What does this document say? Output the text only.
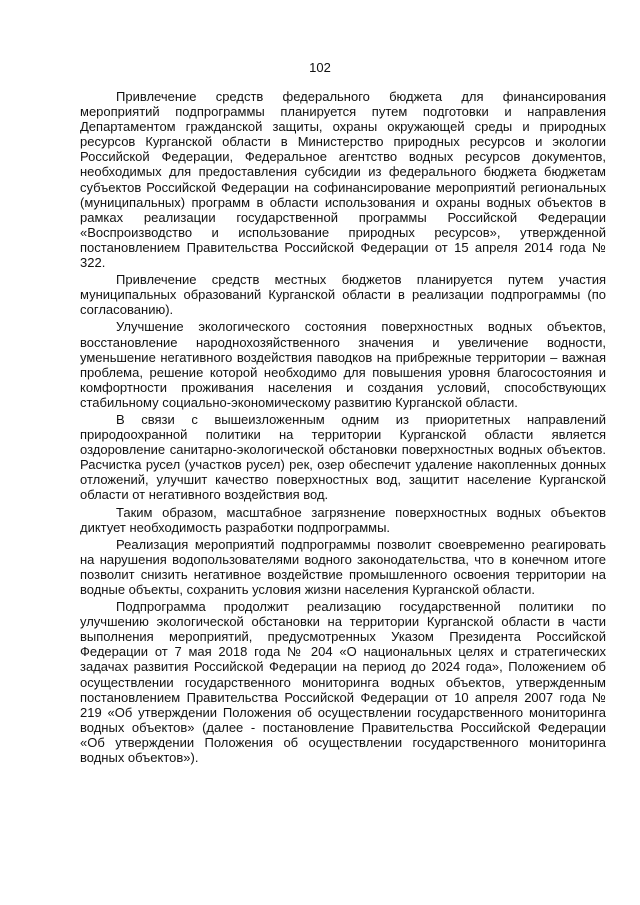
102

Привлечение средств федерального бюджета для финансирования мероприятий подпрограммы планируется путем подготовки и направления Департаментом гражданской защиты, охраны окружающей среды и природных ресурсов Курганской области в Министерство природных ресурсов и экологии Российской Федерации, Федеральное агентство водных ресурсов документов, необходимых для предоставления субсидии из федерального бюджета бюджетам субъектов Российской Федерации на софинансирование мероприятий региональных (муниципальных) программ в области использования и охраны водных объектов в рамках реализации государственной программы Российской Федерации «Воспроизводство и использование природных ресурсов», утвержденной постановлением Правительства Российской Федерации от 15 апреля 2014 года № 322.

Привлечение средств местных бюджетов планируется путем участия муниципальных образований Курганской области в реализации подпрограммы (по согласованию).

Улучшение экологического состояния поверхностных водных объектов, восстановление народнохозяйственного значения и увеличение водности, уменьшение негативного воздействия паводков на прибрежные территории – важная проблема, решение которой необходимо для повышения уровня благосостояния и комфортности проживания населения и создания условий, способствующих стабильному социально-экономическому развитию Курганской области.

В связи с вышеизложенным одним из приоритетных направлений природоохранной политики на территории Курганской области является оздоровление санитарно-экологической обстановки поверхностных водных объектов. Расчистка русел (участков русел) рек, озер обеспечит удаление накопленных донных отложений, улучшит качество поверхностных вод, защитит население Курганской области от негативного воздействия вод.

Таким образом, масштабное загрязнение поверхностных водных объектов диктует необходимость разработки подпрограммы.

Реализация мероприятий подпрограммы позволит своевременно реагировать на нарушения водопользователями водного законодательства, что в конечном итоге позволит снизить негативное воздействие промышленного освоения территории на водные объекты, сохранить условия жизни населения Курганской области.

Подпрограмма продолжит реализацию государственной политики по улучшению экологической обстановки на территории Курганской области в части выполнения мероприятий, предусмотренных Указом Президента Российской Федерации от 7 мая 2018 года № 204 «О национальных целях и стратегических задачах развития Российской Федерации на период до 2024 года», Положением об осуществлении государственного мониторинга водных объектов, утвержденным постановлением Правительства Российской Федерации от 10 апреля 2007 года № 219 «Об утверждении Положения об осуществлении государственного мониторинга водных объектов» (далее - постановление Правительства Российской Федерации «Об утверждении Положения об осуществлении государственного мониторинга водных объектов»).
